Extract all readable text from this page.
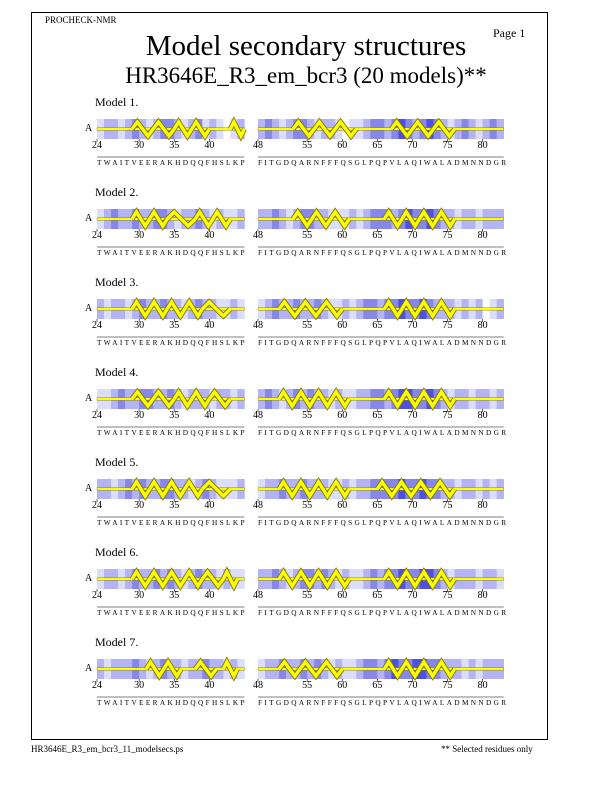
PROCHECK-NMR
Page 1
Model secondary structures
HR3646E_R3_em_bcr3 (20 models)**
Model 1.
A
24	30	35	40
TWAITVEERAKHDQQFHSLKP
48	55	60	65	70	75	80
FITGDQARNFFFQSGLPQPVLAQIWALADMNNDGR
Model 2.
A
24	30	35	40
TWAITVEERAKHDQQFHSLKP
48	55	60	65	70	75	80
FITGDQARNFFFQSGLPQPVLAQIWALADMNNDGR
Model 3.
A
24	30	35	40
TWAITVEERAKHDQQFHSLKP
48	55	60	65	70	75	80
FITGDQARNFFFQSGLPQPVLAQIWALADMNNDGR
Model 4.
A
24	30	35	40
TWAITVEERAKHDQQFHSLKP
48	55	60	65	70	75	80
FITGDQARNFFFQSGLPQPVLAQIWALADMNNDGR
Model 5.
A
24	30	35	40
TWAITVEERAKHDQQFHSLKP
48	55	60	65	70	75	80
FITGDQARNFFFQSGLPQPVLAQIWALADMNNDGR
Model 6.
A
24	30	35	40
TWAITVEERAKHDQQFHSLKP
48	55	60	65	70	75	80
FITGDQARNFFFQSGLPQPVLAQIWALADMNNDGR
Model 7.
A
24	30	35	40
TWAITVEERAKHDQQFHSLKP
48	55	60	65	70	75	80
FITGDQARNFFFQSGLPQPVLAQIWALADMNNDGR
HR3646E_R3_em_bcr3_11_modelsecs.ps	** Selected residues only
